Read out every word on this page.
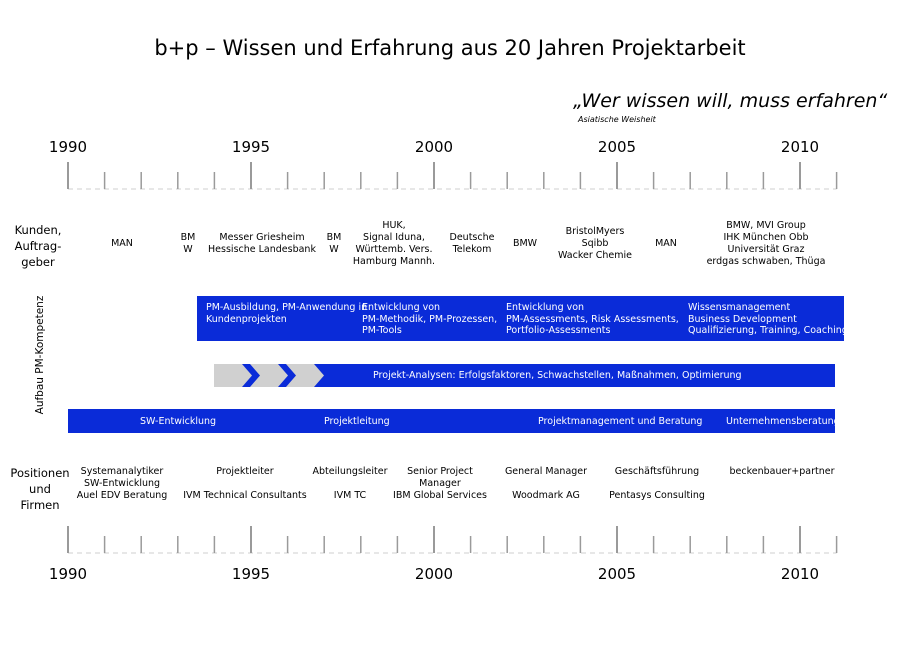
b+p – Wissen und Erfahrung aus 20 Jahren Projektarbeit
„Wer wissen will, muss erfahren“
Asiatische Weisheit
1990	1995	2000	2005	2010
Kunden,
Auftrag-
geber
MAN
BM
W
Messer Griesheim
Hessische Landesbank
BM
W
HUK,
Signal Iduna,
Württemb. Vers.
Hamburg Mannh.
Deutsche
Telekom
BMW
BristolMyers
Sqibb
Wacker Chemie
MAN
BMW, MVI Group
IHK München Obb
Universität Graz
erdgas schwaben, Thüga
Aufbau PM-Kompetenz	PM-Ausbildung, PM-Anwendung in
Kundenprojekten
Entwicklung von
PM-Methodik, PM-Prozessen,
PM-Tools
Entwicklung von
PM-Assessments, Risk Assessments,
Portfolio-Assessments
Wissensmanagement
Business Development
Qualifizierung, Training, Coaching
Projekt-Analysen: Erfolgsfaktoren, Schwachstellen, Maßnahmen, Optimierung
SW-Entwicklung	Projektleitung	Projektmanagement und Beratung Unternehmensberatung
Positionen
und
Firmen
Systemanalytiker
SW-Entwicklung
Auel EDV Beratung
Projektleiter
IVM Technical Consultants
Abteilungsleiter
IVM TC
Senior Project
Manager
IBM Global Services
General Manager
Woodmark AG
Geschäftsführung
Pentasys Consulting
beckenbauer+partner
1990	1995	2000	2005	2010
